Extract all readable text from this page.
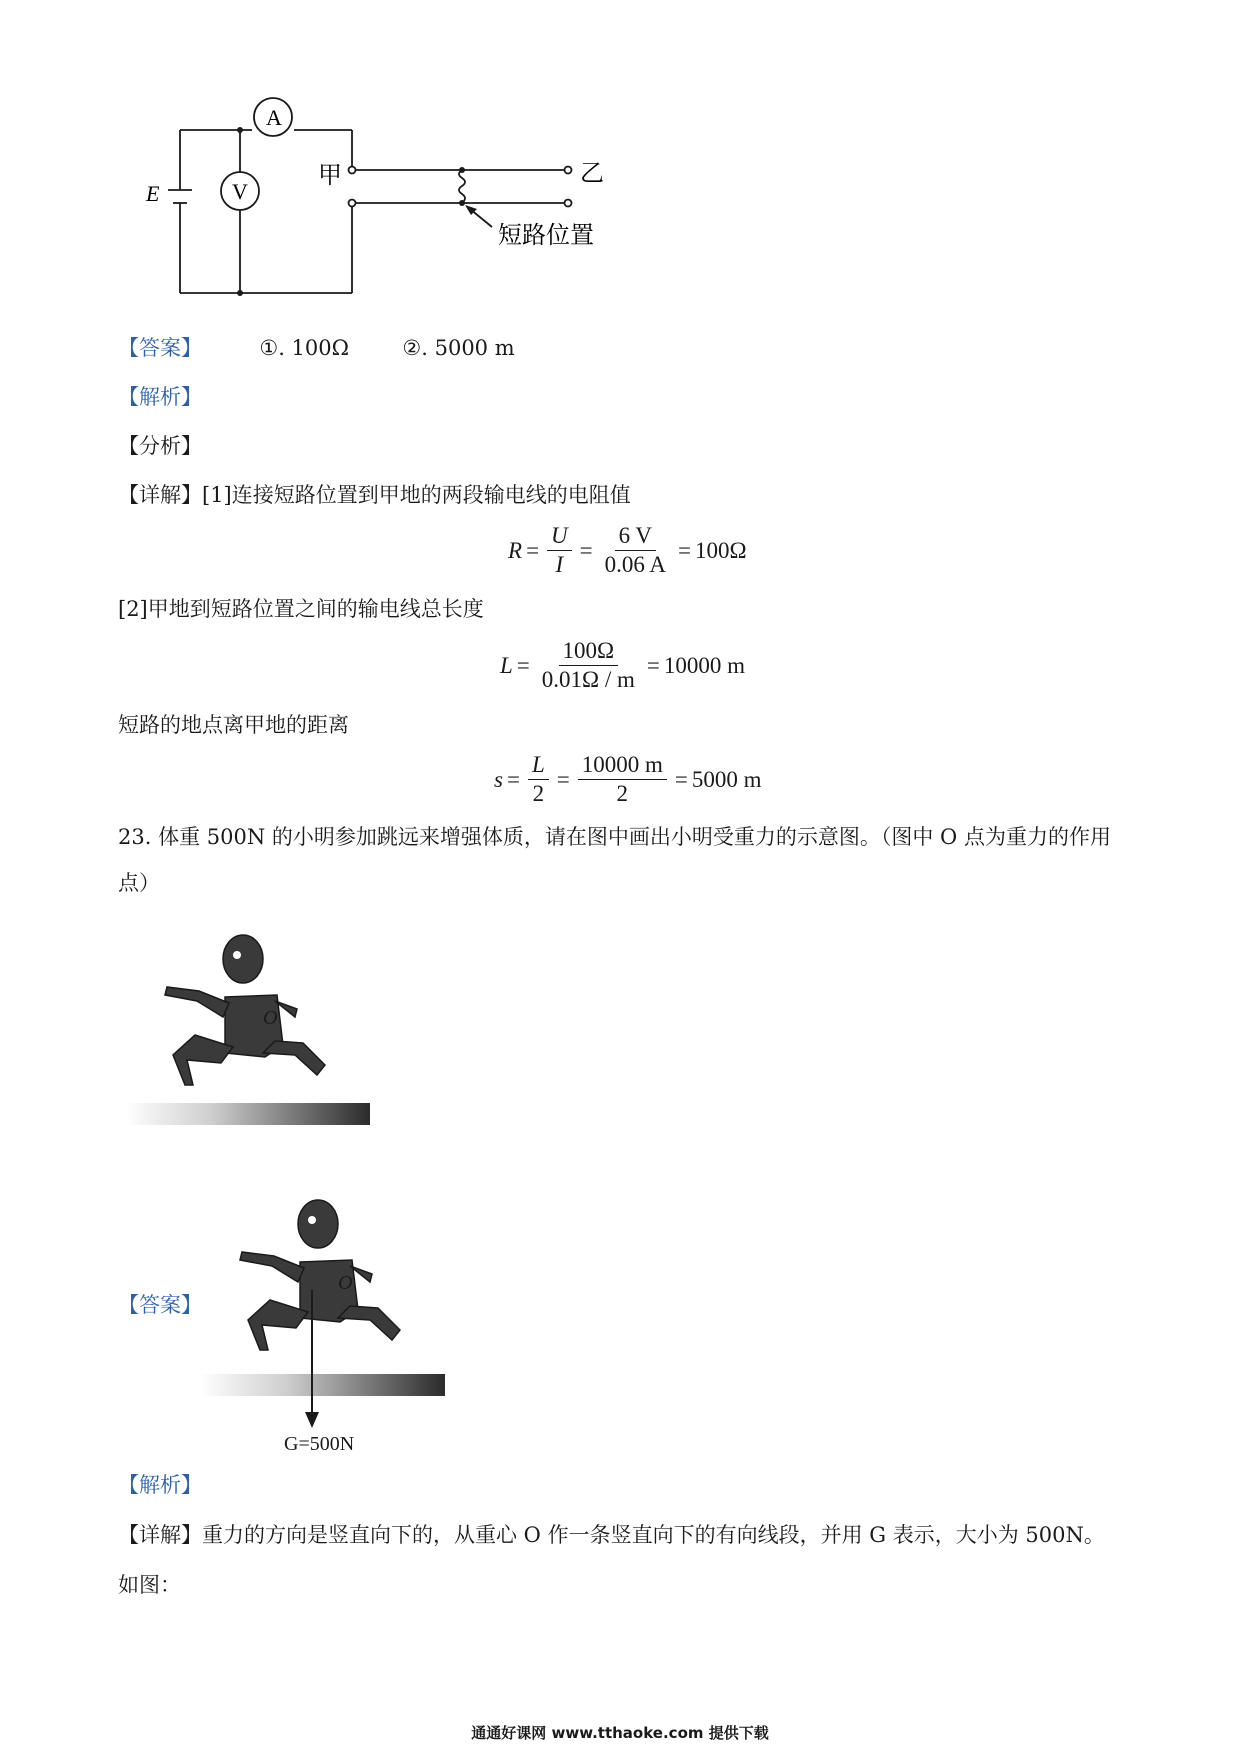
E
A
V
甲	乙
短路位置
【答案】	①. 100Ω	②. 5000 m
【解析】
【分析】
【详解】[1]连接短路位置到甲地的两段输电线的电阻值
$R = \frac{U}{I} = \frac{6 V}{0.06 A} = 100\Omega$
[2]甲地到短路位置之间的输电线总长度
$L = \frac{100\Omega}{0.01\Omega / m} = 10000$ m
短路的地点离甲地的距离
$s = \frac{L}{2} = \frac{10000 m}{2} = 5000$ m
23. 体重 500N 的小明参加跳远来增强体质，请在图中画出小明受重力的示意图。（图中 O 点为重力的作用
点）
O
【答案】
O
G=500N
【解析】
【详解】重力的方向是竖直向下的，从重心 O 作一条竖直向下的有向线段，并用 G 表示，大小为 500N。
如图：
通通好课网 www.tthaoke.com 提供下载
